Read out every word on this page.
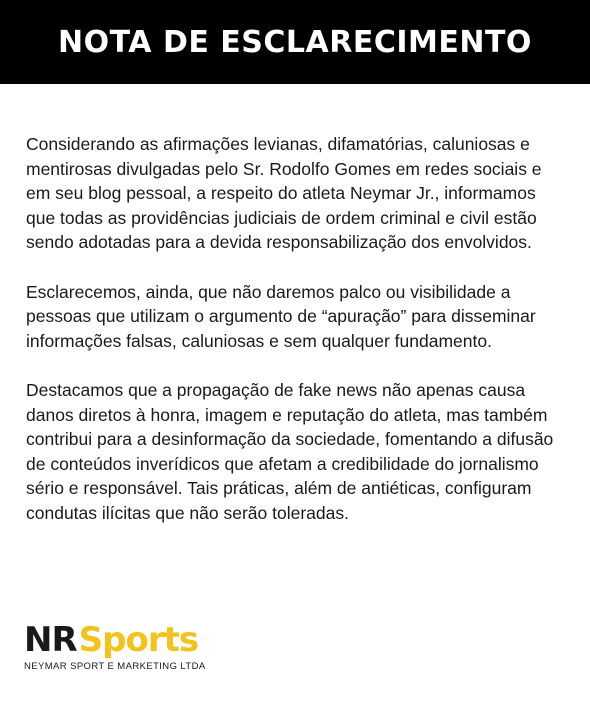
NOTA DE ESCLARECIMENTO

Considerando as afirmações levianas, difamatórias, caluniosas e mentirosas divulgadas pelo Sr. Rodolfo Gomes em redes sociais e em seu blog pessoal, a respeito do atleta Neymar Jr., informamos que todas as providências judiciais de ordem criminal e civil estão sendo adotadas para a devida responsabilização dos envolvidos.

Esclarecemos, ainda, que não daremos palco ou visibilidade a pessoas que utilizam o argumento de “apuração” para disseminar informações falsas, caluniosas e sem qualquer fundamento.

Destacamos que a propagação de fake news não apenas causa danos diretos à honra, imagem e reputação do atleta, mas também contribui para a desinformação da sociedade, fomentando a difusão de conteúdos inverídicos que afetam a credibilidade do jornalismo sério e responsável. Tais práticas, além de antiéticas, configuram condutas ilícitas que não serão toleradas.

NRSports
NEYMAR SPORT E MARKETING LTDA
